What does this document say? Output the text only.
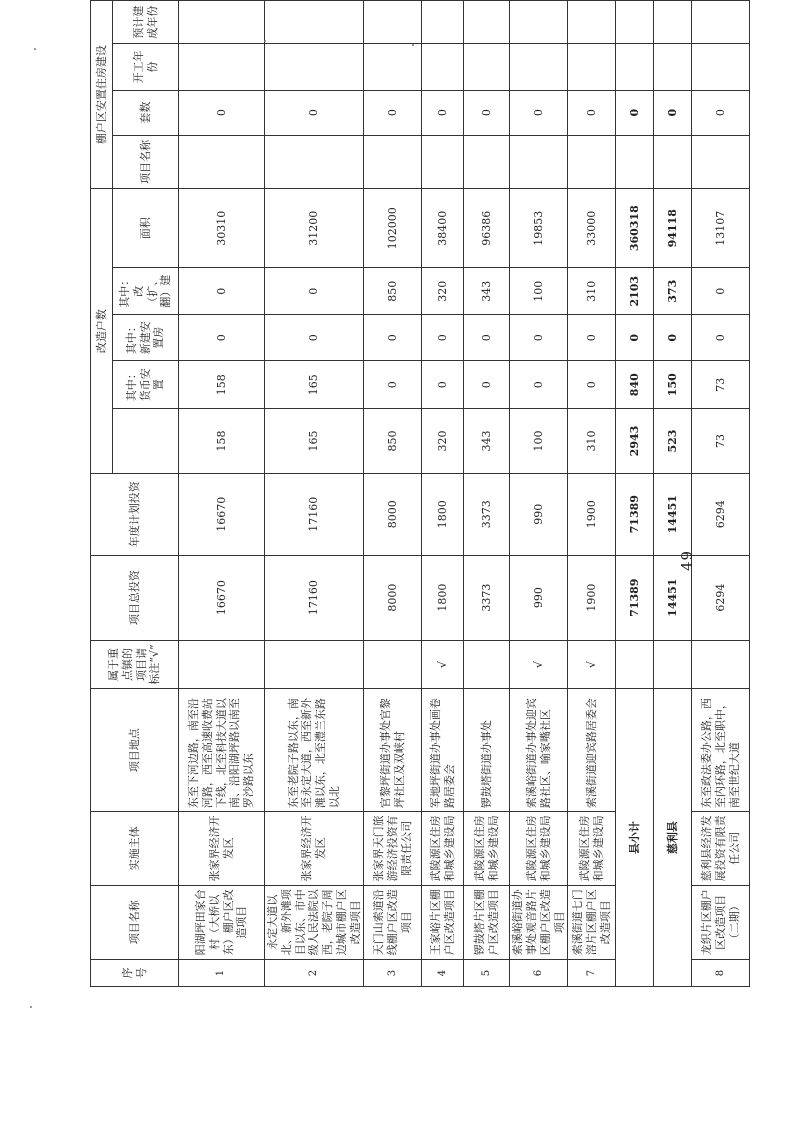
序号	项目名称	实施主体	项目地点	属于重点镇的项目请标注“√”	项目总投资	年度计划投资	改造户数					棚户区安置住房建设			
								其中：货币安置	其中：新建安置房	其中：改（扩、翻）建	面积	项目名称	套数	开工年份	预计建成年份

1	阳湖坪田家台村（大桥以东）棚户区改造项目	张家界经济开发区	东至下河边路，南至沿河路，西至高速收费站下线，北至科技大道以南、沿阳湖坪路以南至罗沙路以东		16670	16670	158	158	0	0	30310		0		
2	永定大道以北、新外滩项目以东、市中级人民法院以西，老院子周边城市棚户区改造项目	张家界经济开发区	东至老院子路以东，南至永定大道，西至新外滩以东，北至澧兰东路以北		17160	17160	165	165	0	0	31200		0		
3	天门山索道沿线棚户区改造项目	张家界天门旅游经济投资有限责任公司	官黎坪街道办事处官黎坪社区及双峡村		8000	8000	850	0	0	850	102000		0		
4	王家峪片区棚户区改造项目	武陵源区住房和城乡建设局	军地坪街道办事处画卷路居委会	√	1800	1800	320	0	0	320	38400		0		
5	锣鼓塔片区棚户区改造项目	武陵源区住房和城乡建设局	锣鼓塔街道办事处		3373	3373	343	0	0	343	96386		0		
6	索溪峪街道办事处观音路片区棚户区改造项目	武陵源区住房和城乡建设局	索溪峪街道办事处迎宾路社区、喻家嘴社区	√	990	990	100	0	0	100	19853		0		
7	索溪街道七门溶片区棚户区改造项目	武陵源区住房和城乡建设局	索溪街道迎宾路居委会	√	1900	1900	310	0	0	310	33000		0		
县小计					71389	71389	2943	840	0	2103	360318		0		
慈利县					14451	14451	523	150	0	373	94118		0		
8	龙织片区棚户区改造项目（二期）	慈利县经济发展投资有限责任公司	东至政法委办公路，西至内环路，北至职中，南至世纪大道		6294	6294	73	73	0	0	13107		0		
49
